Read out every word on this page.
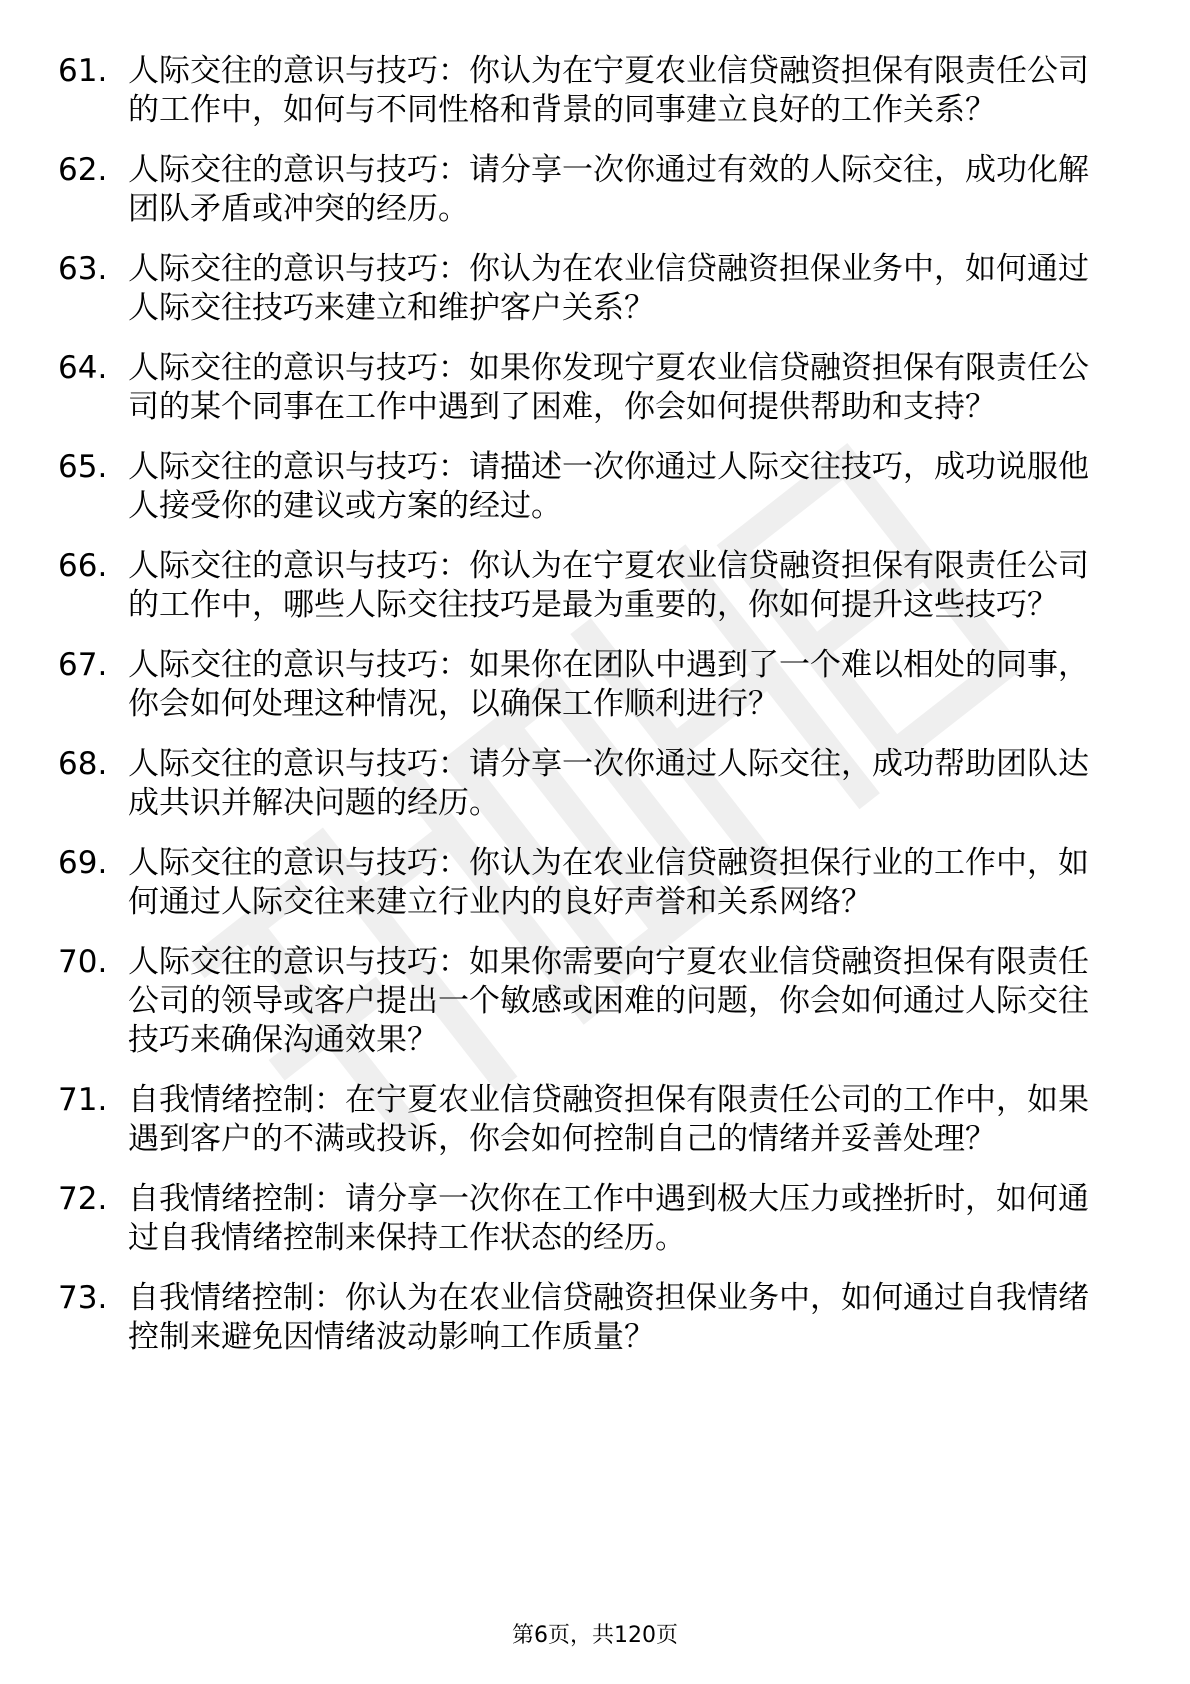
61. 人际交往的意识与技巧：你认为在宁夏农业信贷融资担保有限责任公司的工作中，如何与不同性格和背景的同事建立良好的工作关系？
62. 人际交往的意识与技巧：请分享一次你通过有效的人际交往，成功化解团队矛盾或冲突的经历。
63. 人际交往的意识与技巧：你认为在农业信贷融资担保业务中，如何通过人际交往技巧来建立和维护客户关系？
64. 人际交往的意识与技巧：如果你发现宁夏农业信贷融资担保有限责任公司的某个同事在工作中遇到了困难，你会如何提供帮助和支持？
65. 人际交往的意识与技巧：请描述一次你通过人际交往技巧，成功说服他人接受你的建议或方案的经过。
66. 人际交往的意识与技巧：你认为在宁夏农业信贷融资担保有限责任公司的工作中，哪些人际交往技巧是最为重要的，你如何提升这些技巧？
67. 人际交往的意识与技巧：如果你在团队中遇到了一个难以相处的同事，你会如何处理这种情况，以确保工作顺利进行？
68. 人际交往的意识与技巧：请分享一次你通过人际交往，成功帮助团队达成共识并解决问题的经历。
69. 人际交往的意识与技巧：你认为在农业信贷融资担保行业的工作中，如何通过人际交往来建立行业内的良好声誉和关系网络？
70. 人际交往的意识与技巧：如果你需要向宁夏农业信贷融资担保有限责任公司的领导或客户提出一个敏感或困难的问题，你会如何通过人际交往技巧来确保沟通效果？
71. 自我情绪控制：在宁夏农业信贷融资担保有限责任公司的工作中，如果遇到客户的不满或投诉，你会如何控制自己的情绪并妥善处理？
72. 自我情绪控制：请分享一次你在工作中遇到极大压力或挫折时，如何通过自我情绪控制来保持工作状态的经历。
73. 自我情绪控制：你认为在农业信贷融资担保业务中，如何通过自我情绪控制来避免因情绪波动影响工作质量？
第6页，共120页
